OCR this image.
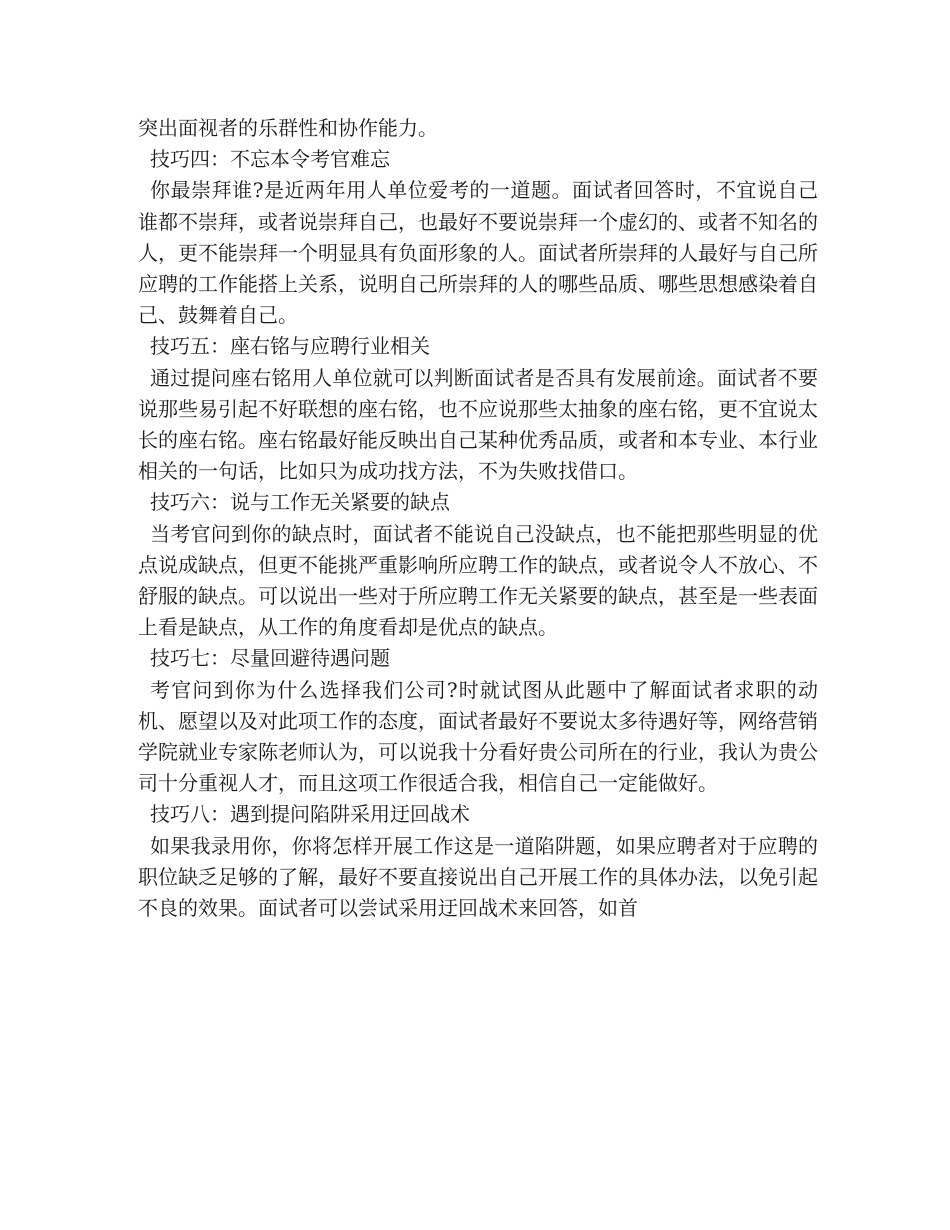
突出面视者的乐群性和协作能力。

技巧四：不忘本令考官难忘

你最崇拜谁?是近两年用人单位爱考的一道题。面试者回答时，不宜说自己谁都不崇拜，或者说崇拜自己，也最好不要说崇拜一个虚幻的、或者不知名的人，更不能崇拜一个明显具有负面形象的人。面试者所崇拜的人最好与自己所应聘的工作能搭上关系，说明自己所崇拜的人的哪些品质、哪些思想感染着自己、鼓舞着自己。

技巧五：座右铭与应聘行业相关

通过提问座右铭用人单位就可以判断面试者是否具有发展前途。面试者不要说那些易引起不好联想的座右铭，也不应说那些太抽象的座右铭，更不宜说太长的座右铭。座右铭最好能反映出自己某种优秀品质，或者和本专业、本行业相关的一句话，比如只为成功找方法，不为失败找借口。

技巧六：说与工作无关紧要的缺点

当考官问到你的缺点时，面试者不能说自己没缺点，也不能把那些明显的优点说成缺点，但更不能挑严重影响所应聘工作的缺点，或者说令人不放心、不舒服的缺点。可以说出一些对于所应聘工作无关紧要的缺点，甚至是一些表面上看是缺点，从工作的角度看却是优点的缺点。

技巧七：尽量回避待遇问题

考官问到你为什么选择我们公司?时就试图从此题中了解面试者求职的动机、愿望以及对此项工作的态度，面试者最好不要说太多待遇好等，网络营销学院就业专家陈老师认为，可以说我十分看好贵公司所在的行业，我认为贵公司十分重视人才，而且这项工作很适合我，相信自己一定能做好。

技巧八：遇到提问陷阱采用迂回战术

如果我录用你，你将怎样开展工作这是一道陷阱题，如果应聘者对于应聘的职位缺乏足够的了解，最好不要直接说出自己开展工作的具体办法，以免引起不良的效果。面试者可以尝试采用迂回战术来回答，如首
